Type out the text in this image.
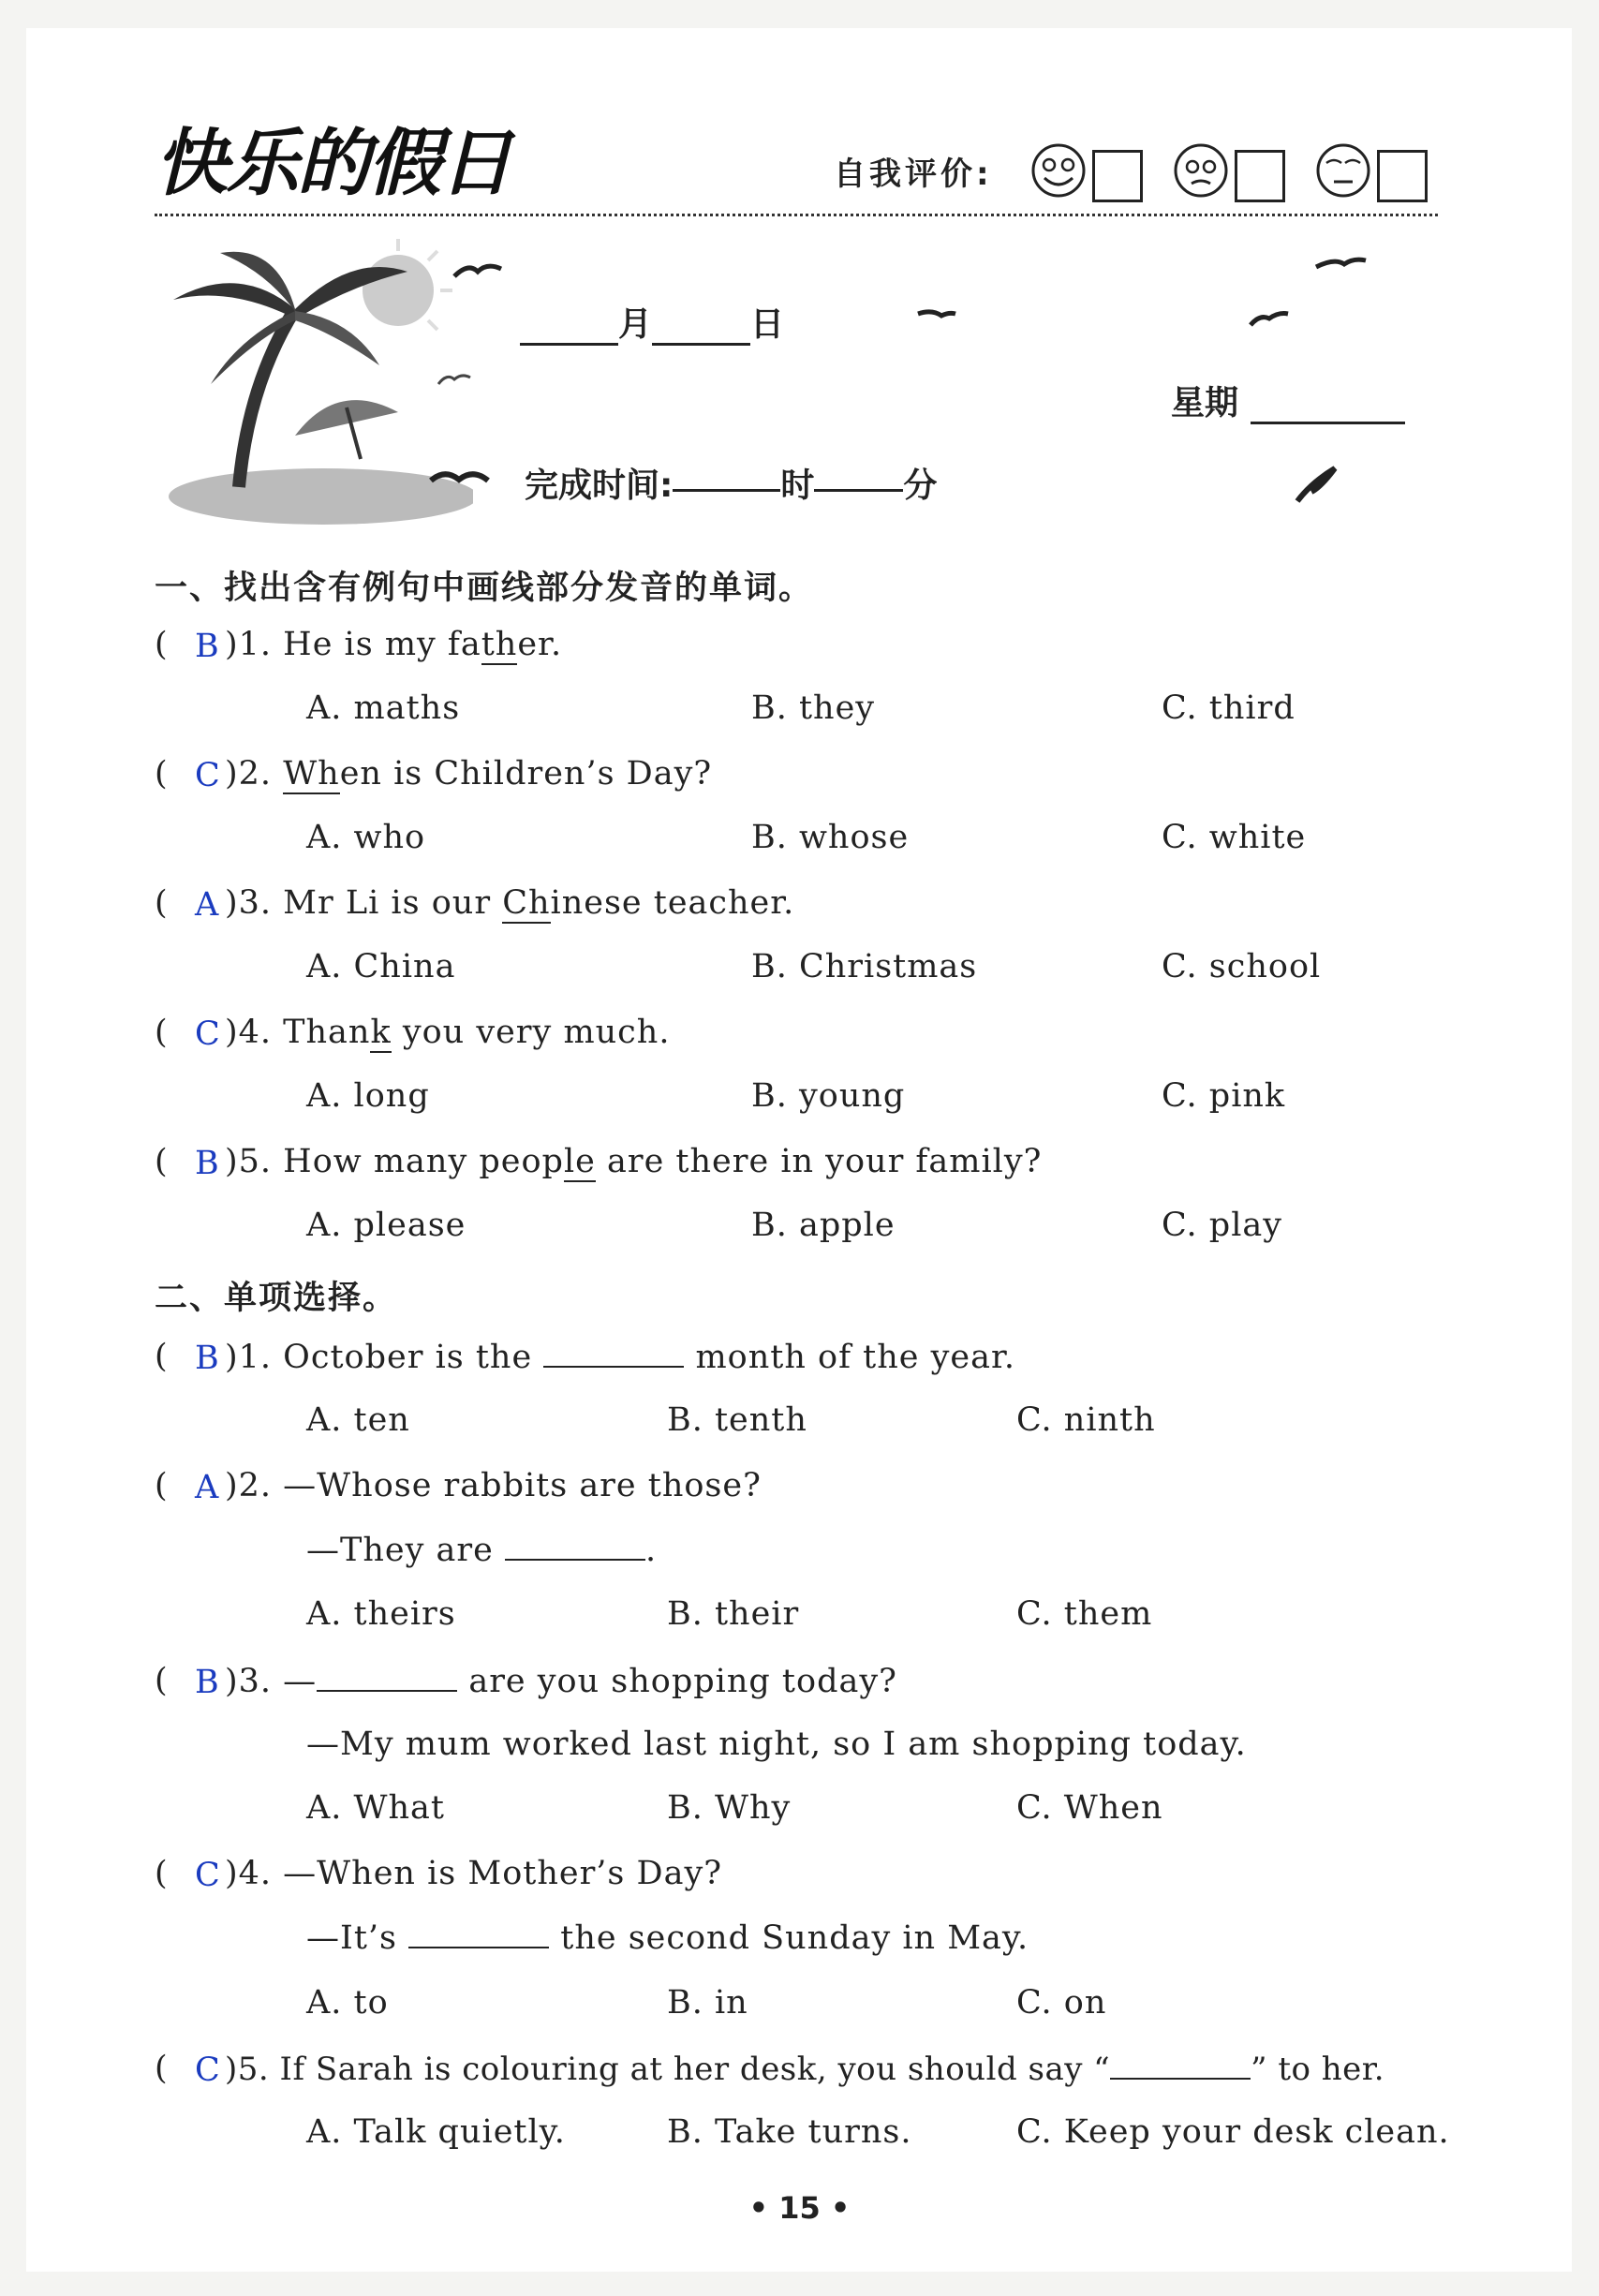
快乐的假日	自我评价:
月	日
星期
完成时间:	时	分
一、找出含有例句中画线部分发音的单词。
( B )1. He is my father.
A. maths	B. they	C. third
( C )2. When is Children’s Day?
A. who	B. whose	C. white
( A )3. Mr Li is our Chinese teacher.
A. China	B. Christmas	C. school
( C )4. Thank you very much.
A. long	B. young	C. pink
( B )5. How many people are there in your family?
A. please	B. apple	C. play
二、单项选择。
( B )1. October is the	month of the year.
A. ten	B. tenth	C. ninth
( A )2. —Whose rabbits are those?
—They are	.
A. theirs	B. their	C. them
( B )3. —	are you shopping today?
—My mum worked last night, so I am shopping today.
A. What	B. Why	C. When
( C )4. —When is Mother’s Day?
—It’s	the second Sunday in May.
A. to	B. in	C. on
( C )5. If Sarah is colouring at her desk, you should say “	” to her.
A. Talk quietly.	B. Take turns.	C. Keep your desk clean.
• 15 •
